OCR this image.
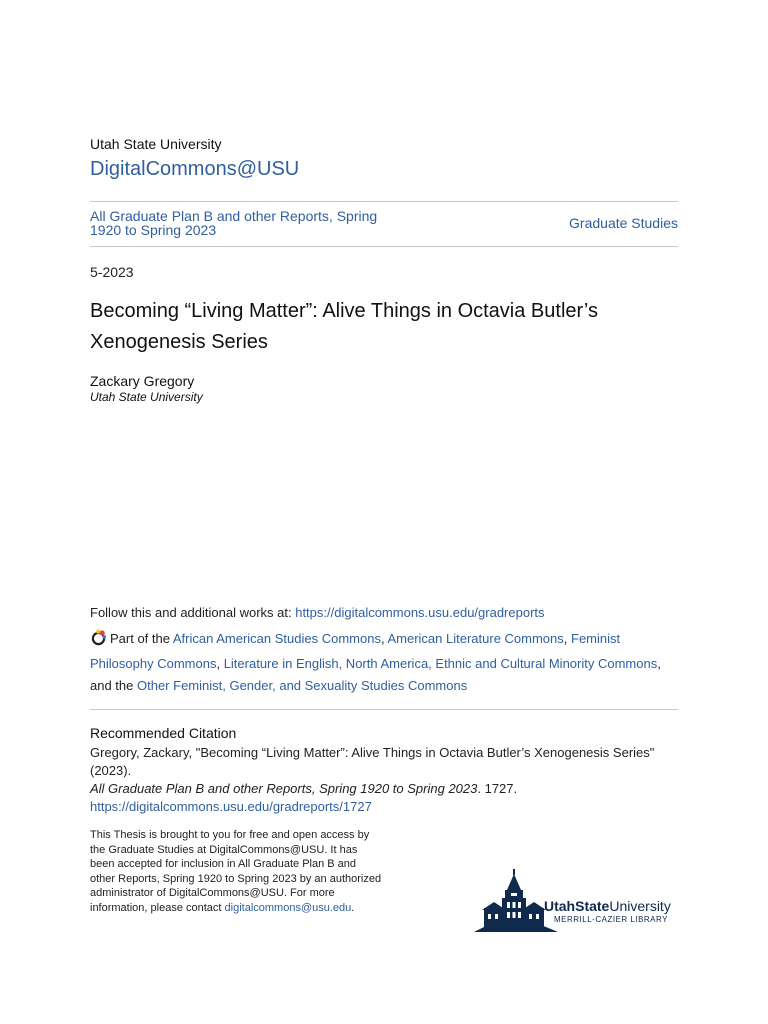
Utah State University
DigitalCommons@USU
All Graduate Plan B and other Reports, Spring 1920 to Spring 2023	Graduate Studies
5-2023
Becoming “Living Matter”: Alive Things in Octavia Butler’s Xenogenesis Series
Zackary Gregory
Utah State University
Follow this and additional works at: https://digitalcommons.usu.edu/gradreports
Part of the African American Studies Commons, American Literature Commons, Feminist Philosophy Commons, Literature in English, North America, Ethnic and Cultural Minority Commons, and the Other Feminist, Gender, and Sexuality Studies Commons
Recommended Citation
Gregory, Zackary, "Becoming “Living Matter”: Alive Things in Octavia Butler’s Xenogenesis Series" (2023).
All Graduate Plan B and other Reports, Spring 1920 to Spring 2023. 1727.
https://digitalcommons.usu.edu/gradreports/1727
This Thesis is brought to you for free and open access by the Graduate Studies at DigitalCommons@USU. It has been accepted for inclusion in All Graduate Plan B and other Reports, Spring 1920 to Spring 2023 by an authorized administrator of DigitalCommons@USU. For more information, please contact digitalcommons@usu.edu.	UtahStateUniversity
MERRILL-CAZIER LIBRARY
